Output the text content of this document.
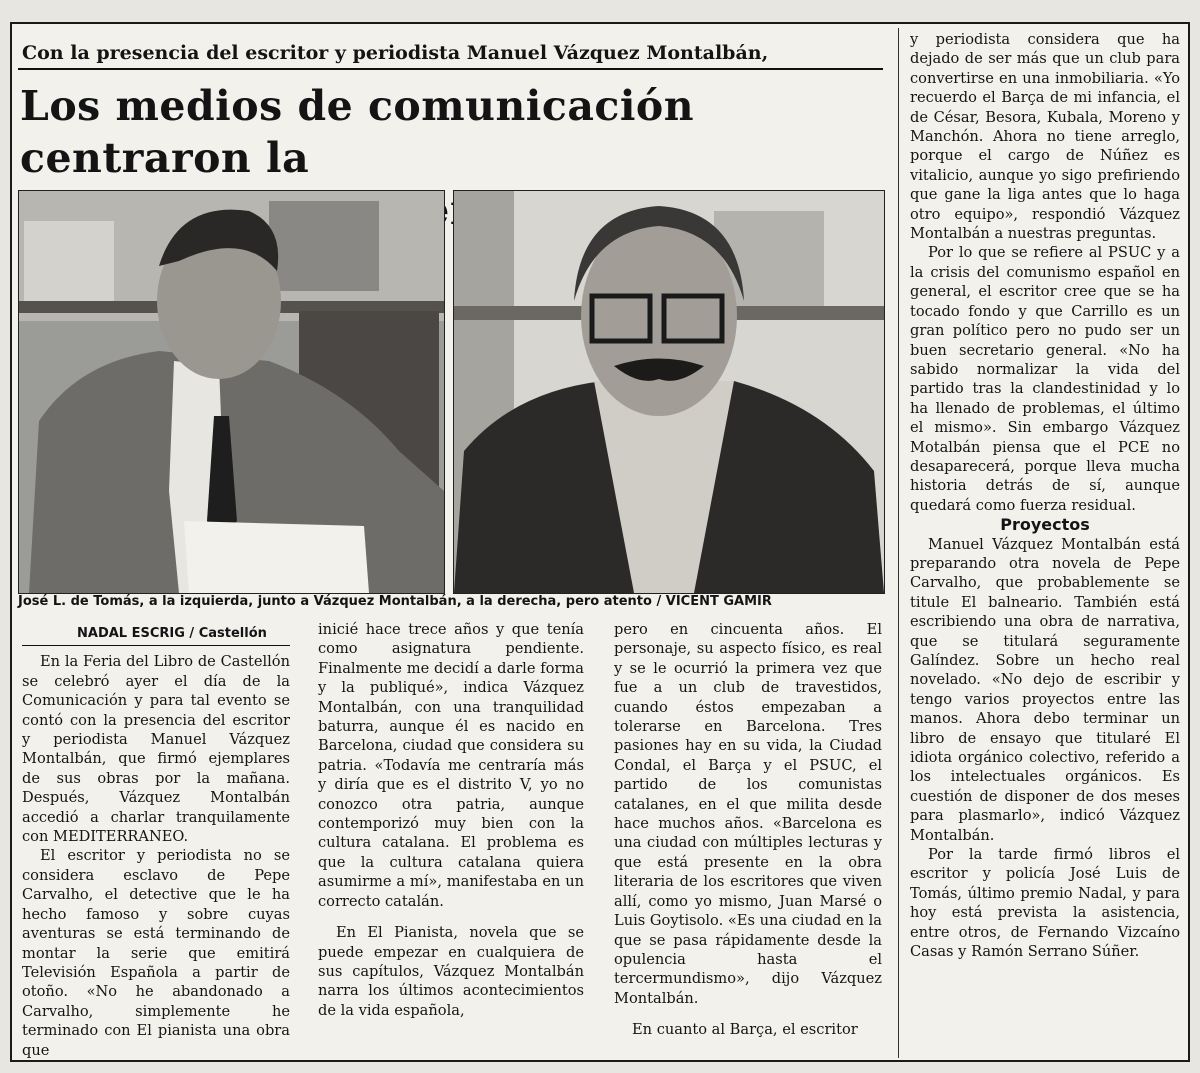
Con la presencia del escritor y periodista Manuel Vázquez Montalbán,
Los medios de comunicación centraron la
en
José L. de Tomás, a la izquierda, junto a Vázquez Montalbán, a la derecha, pero atento / VICENT GAMIR
NADAL ESCRIG / Castellón

En la Feria del Libro de Castellón se celebró ayer el día de la Comunicación y para tal evento se contó con la presencia del escritor y periodista Manuel Vázquez Montalbán, que firmó ejemplares de sus obras por la mañana. Después, Vázquez Montalbán accedió a charlar tranquilamente con MEDITERRANEO.

El escritor y periodista no se considera esclavo de Pepe Carvalho, el detective que le ha hecho famoso y sobre cuyas aventuras se está terminando de montar la serie que emitirá Televisión Española a partir de otoño. «No he abandonado a Carvalho, simplemente he terminado con El pianista una obra que

inicié hace trece años y que tenía como asignatura pendiente. Finalmente me decidí a darle forma y la publiqué», indica Vázquez Montalbán, con una tranquilidad baturra, aunque él es nacido en Barcelona, ciudad que considera su patria. «Todavía me centraría más y diría que es el distrito V, yo no conozco otra patria, aunque contemporizó muy bien con la cultura catalana. El problema es que la cultura catalana quiera asumirme a mí», manifestaba en un correcto catalán.

En El Pianista, novela que se puede empezar en cualquiera de sus capítulos, Vázquez Montalbán narra los últimos acontecimientos de la vida española,

pero en cincuenta años. El personaje, su aspecto físico, es real y se le ocurrió la primera vez que fue a un club de travestidos, cuando éstos empezaban a tolerarse en Barcelona. Tres pasiones hay en su vida, la Ciudad Condal, el Barça y el PSUC, el partido de los comunistas catalanes, en el que milita desde hace muchos años. «Barcelona es una ciudad con múltiples lecturas y que está presente en la obra literaria de los escritores que viven allí, como yo mismo, Juan Marsé o Luis Goytisolo. «Es una ciudad en la que se pasa rápidamente desde la opulencia hasta el tercermundismo», dijo Vázquez Montalbán.

En cuanto al Barça, el escritor

y periodista considera que ha dejado de ser más que un club para convertirse en una inmobiliaria. «Yo recuerdo el Barça de mi infancia, el de César, Besora, Kubala, Moreno y Manchón. Ahora no tiene arreglo, porque el cargo de Núñez es vitalicio, aunque yo sigo prefiriendo que gane la liga antes que lo haga otro equipo», respondió Vázquez Montalbán a nuestras preguntas.

Por lo que se refiere al PSUC y a la crisis del comunismo español en general, el escritor cree que se ha tocado fondo y que Carrillo es un gran político pero no pudo ser un buen secretario general. «No ha sabido normalizar la vida del partido tras la clandestinidad y lo ha llenado de problemas, el último el mismo». Sin embargo Vázquez Motalbán piensa que el PCE no desaparecerá, porque lleva mucha historia detrás de sí, aunque quedará como fuerza residual.

Proyectos

Manuel Vázquez Montalbán está preparando otra novela de Pepe Carvalho, que probablemente se titule El balneario. También está escribiendo una obra de narrativa, que se titulará seguramente Galíndez. Sobre un hecho real novelado. «No dejo de escribir y tengo varios proyectos entre las manos. Ahora debo terminar un libro de ensayo que titularé El idiota orgánico colectivo, referido a los intelectuales orgánicos. Es cuestión de disponer de dos meses para plasmarlo», indicó Vázquez Montalbán.

Por la tarde firmó libros el escritor y policía José Luis de Tomás, último premio Nadal, y para hoy está prevista la asistencia, entre otros, de Fernando Vizcaíno Casas y Ramón Serrano Súñer.
